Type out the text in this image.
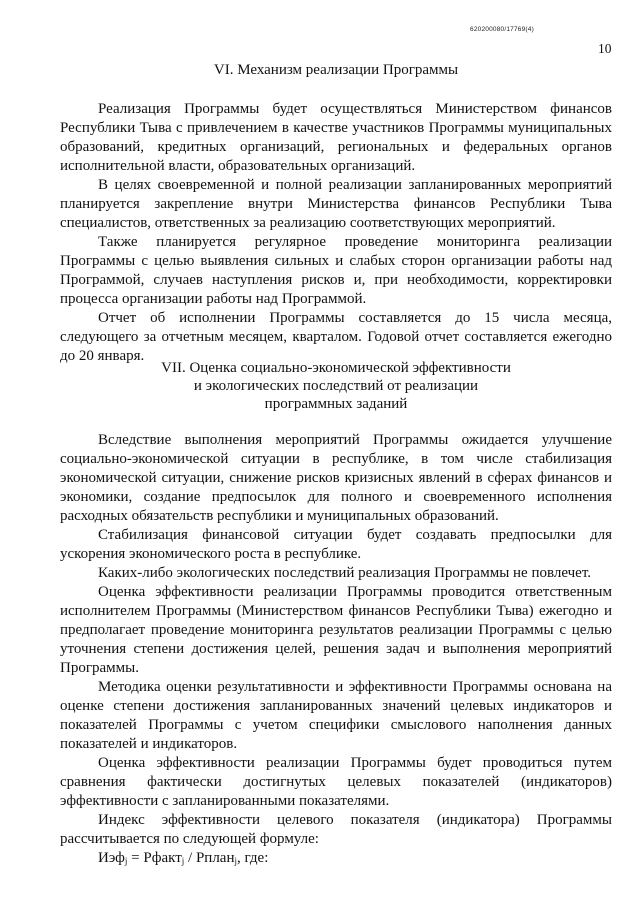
620200080/17769(4)
10
VI. Механизм реализации Программы

Реализация Программы будет осуществляться Министерством финансов Республики Тыва с привлечением в качестве участников Программы муниципальных образований, кредитных организаций, региональных и федеральных органов исполнительной власти, образовательных организаций.

В целях своевременной и полной реализации запланированных мероприятий планируется закрепление внутри Министерства финансов Республики Тыва специалистов, ответственных за реализацию соответствующих мероприятий.

Также планируется регулярное проведение мониторинга реализации Программы с целью выявления сильных и слабых сторон организации работы над Программой, случаев наступления рисков и, при необходимости, корректировки процесса организации работы над Программой.

Отчет об исполнении Программы составляется до 15 числа месяца, следующего за отчетным месяцем, кварталом. Годовой отчет составляется ежегодно до 20 января.

VII. Оценка социально-экономической эффективности
и экологических последствий от реализации
программных заданий

Вследствие выполнения мероприятий Программы ожидается улучшение социально-экономической ситуации в республике, в том числе стабилизация экономической ситуации, снижение рисков кризисных явлений в сферах финансов и экономики, создание предпосылок для полного и своевременного исполнения расходных обязательств республики и муниципальных образований.

Стабилизация финансовой ситуации будет создавать предпосылки для ускорения экономического роста в республике.

Каких-либо экологических последствий реализация Программы не повлечет.

Оценка эффективности реализации Программы проводится ответственным исполнителем Программы (Министерством финансов Республики Тыва) ежегодно и предполагает проведение мониторинга результатов реализации Программы с целью уточнения степени достижения целей, решения задач и выполнения мероприятий Программы.

Методика оценки результативности и эффективности Программы основана на оценке степени достижения запланированных значений целевых индикаторов и показателей Программы с учетом специфики смыслового наполнения данных показателей и индикаторов.

Оценка эффективности реализации Программы будет проводиться путем сравнения фактически достигнутых целевых показателей (индикаторов) эффективности с запланированными показателями.

Индекс эффективности целевого показателя (индикатора) Программы рассчитывается по следующей формуле:

Иэф$_j$ = Рфакт$_j$ / Рплан$_j$, где:
